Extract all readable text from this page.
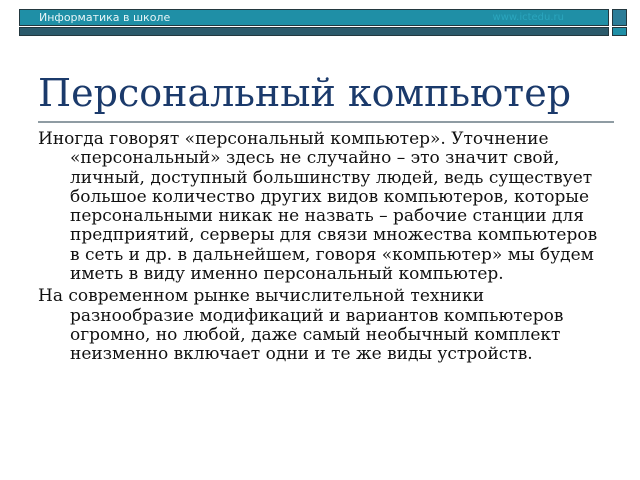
Информатика в школе	www.ictedu.ru
Персональный компьютер
Иногда говорят «персональный компьютер». Уточнение «персональный» здесь не случайно – это значит свой, личный, доступный большинству людей, ведь существует большое количество других видов компьютеров, которые персональными никак не назвать – рабочие станции для предприятий, серверы для связи множества компьютеров в сеть и др. в дальнейшем, говоря «компьютер» мы будем иметь в виду именно персональный компьютер.
На современном рынке вычислительной техники разнообразие модификаций и вариантов компьютеров огромно, но любой, даже самый необычный комплект неизменно включает одни и те же виды устройств.
